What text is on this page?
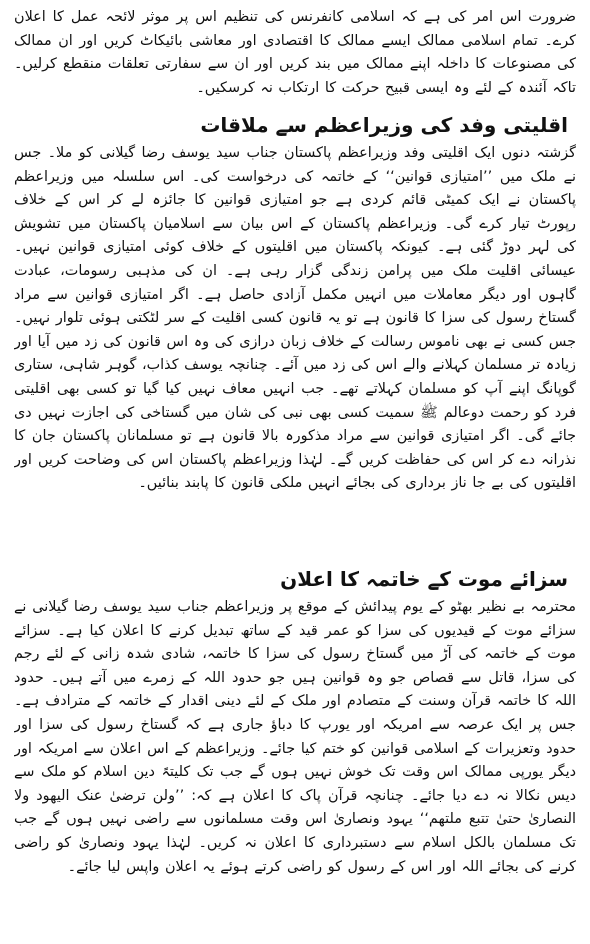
ضرورت اس امر کی ہے کہ اسلامی کانفرنس کی تنظیم اس پر موثر لائحہ عمل کا اعلان کرے۔ تمام اسلامی ممالک ایسے ممالک کا اقتصادی اور معاشی بائیکاٹ کریں اور ان ممالک کی مصنوعات کا داخلہ اپنے ممالک میں بند کریں اور ان سے سفارتی تعلقات منقطع کرلیں۔ تاکہ آئندہ کے لئے وہ ایسی قبیح حرکت کا ارتکاب نہ کرسکیں۔

اقلیتی وفد کی وزیراعظم سے ملاقات

گزشتہ دنوں ایک اقلیتی وفد وزیراعظم پاکستان جناب سید یوسف رضا گیلانی کو ملا۔ جس نے ملک میں ’’امتیازی قوانین‘‘ کے خاتمہ کی درخواست کی۔ اس سلسلہ میں وزیراعظم پاکستان نے ایک کمیٹی قائم کردی ہے جو امتیازی قوانین کا جائزہ لے کر اس کے خلاف رپورٹ تیار کرے گی۔ وزیراعظم پاکستان کے اس بیان سے اسلامیان پاکستان میں تشویش کی لہر دوڑ گئی ہے۔ کیونکہ پاکستان میں اقلیتوں کے خلاف کوئی امتیازی قوانین نہیں۔ عیسائی اقلیت ملک میں پرامن زندگی گزار رہی ہے۔ ان کی مذہبی رسومات، عبادت گاہوں اور دیگر معاملات میں انہیں مکمل آزادی حاصل ہے۔ اگر امتیازی قوانین سے مراد گستاخ رسول کی سزا کا قانون ہے تو یہ قانون کسی اقلیت کے سر لٹکتی ہوئی تلوار نہیں۔ جس کسی نے بھی ناموس رسالت کے خلاف زبان درازی کی وہ اس قانون کی زد میں آیا اور زیادہ تر مسلمان کہلانے والے اس کی زد میں آئے۔ چنانچہ یوسف کذاب، گوہر شاہی، ستاری گوپانگ اپنے آپ کو مسلمان کہلاتے تھے۔ جب انہیں معاف نہیں کیا گیا تو کسی بھی اقلیتی فرد کو رحمت دوعالم ﷺ سمیت کسی بھی نبی کی شان میں گستاخی کی اجازت نہیں دی جائے گی۔ اگر امتیازی قوانین سے مراد مذکورہ بالا قانون ہے تو مسلمانان پاکستان جان کا نذرانہ دے کر اس کی حفاظت کریں گے۔ لہٰذا وزیراعظم پاکستان اس کی وضاحت کریں اور اقلیتوں کی بے جا ناز برداری کی بجائے انہیں ملکی قانون کا پابند بنائیں۔

سزائے موت کے خاتمہ کا اعلان

محترمہ بے نظیر بھٹو کے یوم پیدائش کے موقع پر وزیراعظم جناب سید یوسف رضا گیلانی نے سزائے موت کے قیدیوں کی سزا کو عمر قید کے ساتھ تبدیل کرنے کا اعلان کیا ہے۔ سزائے موت کے خاتمہ کی آڑ میں گستاخ رسول کی سزا کا خاتمہ، شادی شدہ زانی کے لئے رجم کی سزا، قاتل سے قصاص جو وہ قوانین ہیں جو حدود اللہ کے زمرے میں آتے ہیں۔ حدود اللہ کا خاتمہ قرآن وسنت کے متصادم اور ملک کے لئے دینی اقدار کے خاتمہ کے مترادف ہے۔ جس پر ایک عرصہ سے امریکہ اور یورپ کا دباؤ جاری ہے کہ گستاخ رسول کی سزا اور حدود وتعزیرات کے اسلامی قوانین کو ختم کیا جائے۔ وزیراعظم کے اس اعلان سے امریکہ اور دیگر یورپی ممالک اس وقت تک خوش نہیں ہوں گے جب تک کلیتہً دین اسلام کو ملک سے دیس نکالا نہ دے دیا جائے۔ چنانچہ قرآن پاک کا اعلان ہے کہ: ’’ولن ترضیٰ عنک الیھود ولا النصاریٰ حتیٰ تتبع ملتھم‘‘ یہود ونصاریٰ اس وقت مسلمانوں سے راضی نہیں ہوں گے جب تک مسلمان بالکل اسلام سے دستبرداری کا اعلان نہ کریں۔ لہٰذا یہود ونصاریٰ کو راضی کرنے کی بجائے اللہ اور اس کے رسول کو راضی کرتے ہوئے یہ اعلان واپس لیا جائے۔
